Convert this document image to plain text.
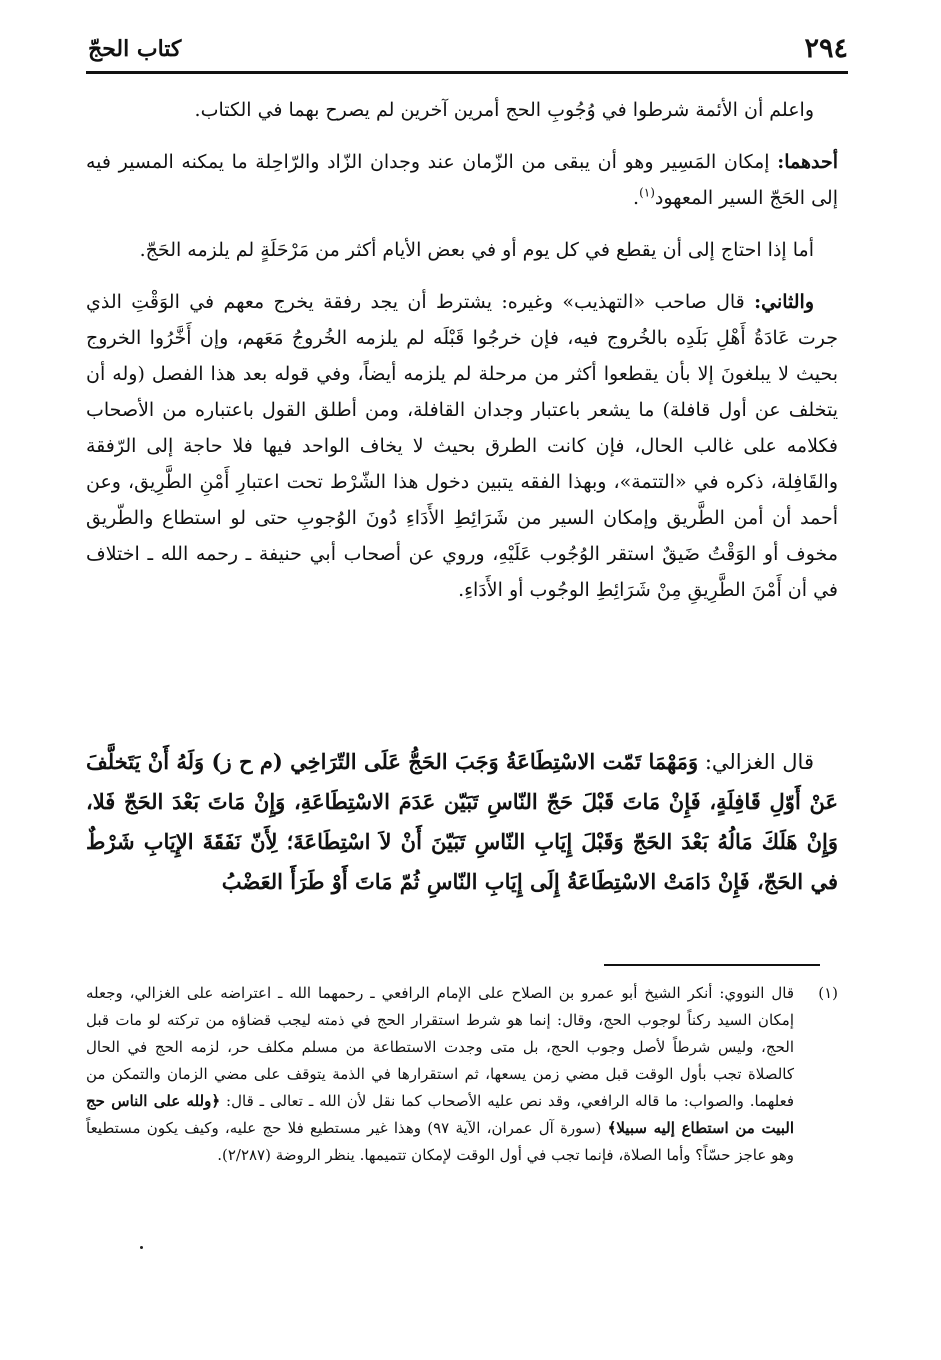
٢٩٤
كتاب الحجّ

واعلم أن الأئمة شرطوا في وُجُوبِ الحج أمرين آخرين لم يصرح بهما في الكتاب.

أحدهما: إمكان المَسِير وهو أن يبقى من الزّمان عند وجدان الزّاد والرّاحِلة ما يمكنه المسير فيه إلى الحَجّ السير المعهود$^{(١)}$.

أما إذا احتاج إلى أن يقطع في كل يوم أو في بعض الأيام أكثر من مَرْحَلَةٍ لم يلزمه الحَجّ.

والثاني: قال صاحب «التهذيب» وغيره: يشترط أن يجد رفقة يخرج معهم في الوَقْتِ الذي جرت عَادَةُ أَهْلِ بَلَدِه بالخُروج فيه، فإن خرجُوا قَبْلَه لم يلزمه الخُروجُ مَعَهم، وإن أَخَّرُوا الخروج بحيث لا يبلغونَ إلا بأن يقطعوا أكثر من مرحلة لم يلزمه أيضاً، وفي قوله بعد هذا الفصل (وله أن يتخلف عن أول قافلة) ما يشعر باعتبار وجدان القافلة، ومن أطلق القول باعتباره من الأصحاب فكلامه على غالب الحال، فإن كانت الطرق بحيث لا يخاف الواحد فيها فلا حاجة إلى الرّفقة والقَافِلة، ذكره في «التتمة»، وبهذا الفقه يتبين دخول هذا الشّرْط تحت اعتبارِ أَمْنِ الطَّرِيق، وعن أحمد أن أمن الطَّريق وإمكان السير من شَرَائِطِ الأَدَاءِ دُونَ الوُجوبِ حتى لو استطاع والطّريق مخوف أو الوَقْتُ ضَيقٌ استقر الوُجُوب عَلَيْهِ، وروي عن أصحاب أبي حنيفة ـ رحمه الله ـ اختلاف في أن أَمْنَ الطَّرِيقِ مِنْ شَرَائِطِ الوجُوب أو الأَدَاءِ.

قال الغزالي: وَمَهْمَا تَمّت الاسْتِطَاعَةُ وَجَبَ الحَجُّ عَلَى التّرَاخِي (م ح ز) وَلَهُ أَنْ يَتَخلَّفَ عَنْ أَوّلِ قَافِلَةٍ، فَإِنْ مَاتَ قَبْلَ حَجّ النّاسِ تَبَيّن عَدَمَ الاسْتِطَاعَةِ، وَإِنْ مَاتَ بَعْدَ الحَجّ فَلا، وَإِنْ هَلَكَ مَالُهُ بَعْدَ الحَجّ وَقَبْلَ إِيَابِ النّاسِ تَبَيّنَ أَنْ لاَ اسْتِطَاعَةَ؛ لِأَنّ نَفَقَةَ الإِيَابِ شَرْطٌ في الحَجّ، فَإِنْ دَامَتْ الاسْتِطَاعَةُ إِلَى إِيَابِ النّاسِ ثُمّ مَاتَ أَوْ طَرَأَ العَضْبُ
(١)
قال النووي: أنكر الشيخ أبو عمرو بن الصلاح على الإمام الرافعي ـ رحمهما الله ـ اعتراضه على الغزالي، وجعله إمكان السيد ركناً لوجوب الحج، وقال: إنما هو شرط استقرار الحج في ذمته ليجب قضاؤه من تركته لو مات قبل الحج، وليس شرطاً لأصل وجوب الحج، بل متى وجدت الاستطاعة من مسلم مكلف حر، لزمه الحج في الحال كالصلاة تجب بأول الوقت قبل مضي زمن يسعها، ثم استقرارها في الذمة يتوقف على مضي الزمان والتمكن من فعلهما. والصواب: ما قاله الرافعي، وقد نص عليه الأصحاب كما نقل لأن الله ـ تعالى ـ قال: ﴿ولله على الناس حج البيت من استطاع إليه سبيلا﴾ (سورة آل عمران، الآية ٩٧) وهذا غير مستطيع فلا حج عليه، وكيف يكون مستطيعاً وهو عاجز حسّاً؟ وأما الصلاة، فإنما تجب في أول الوقت لإمكان تتميمها. ينظر الروضة (٢/٢٨٧).
